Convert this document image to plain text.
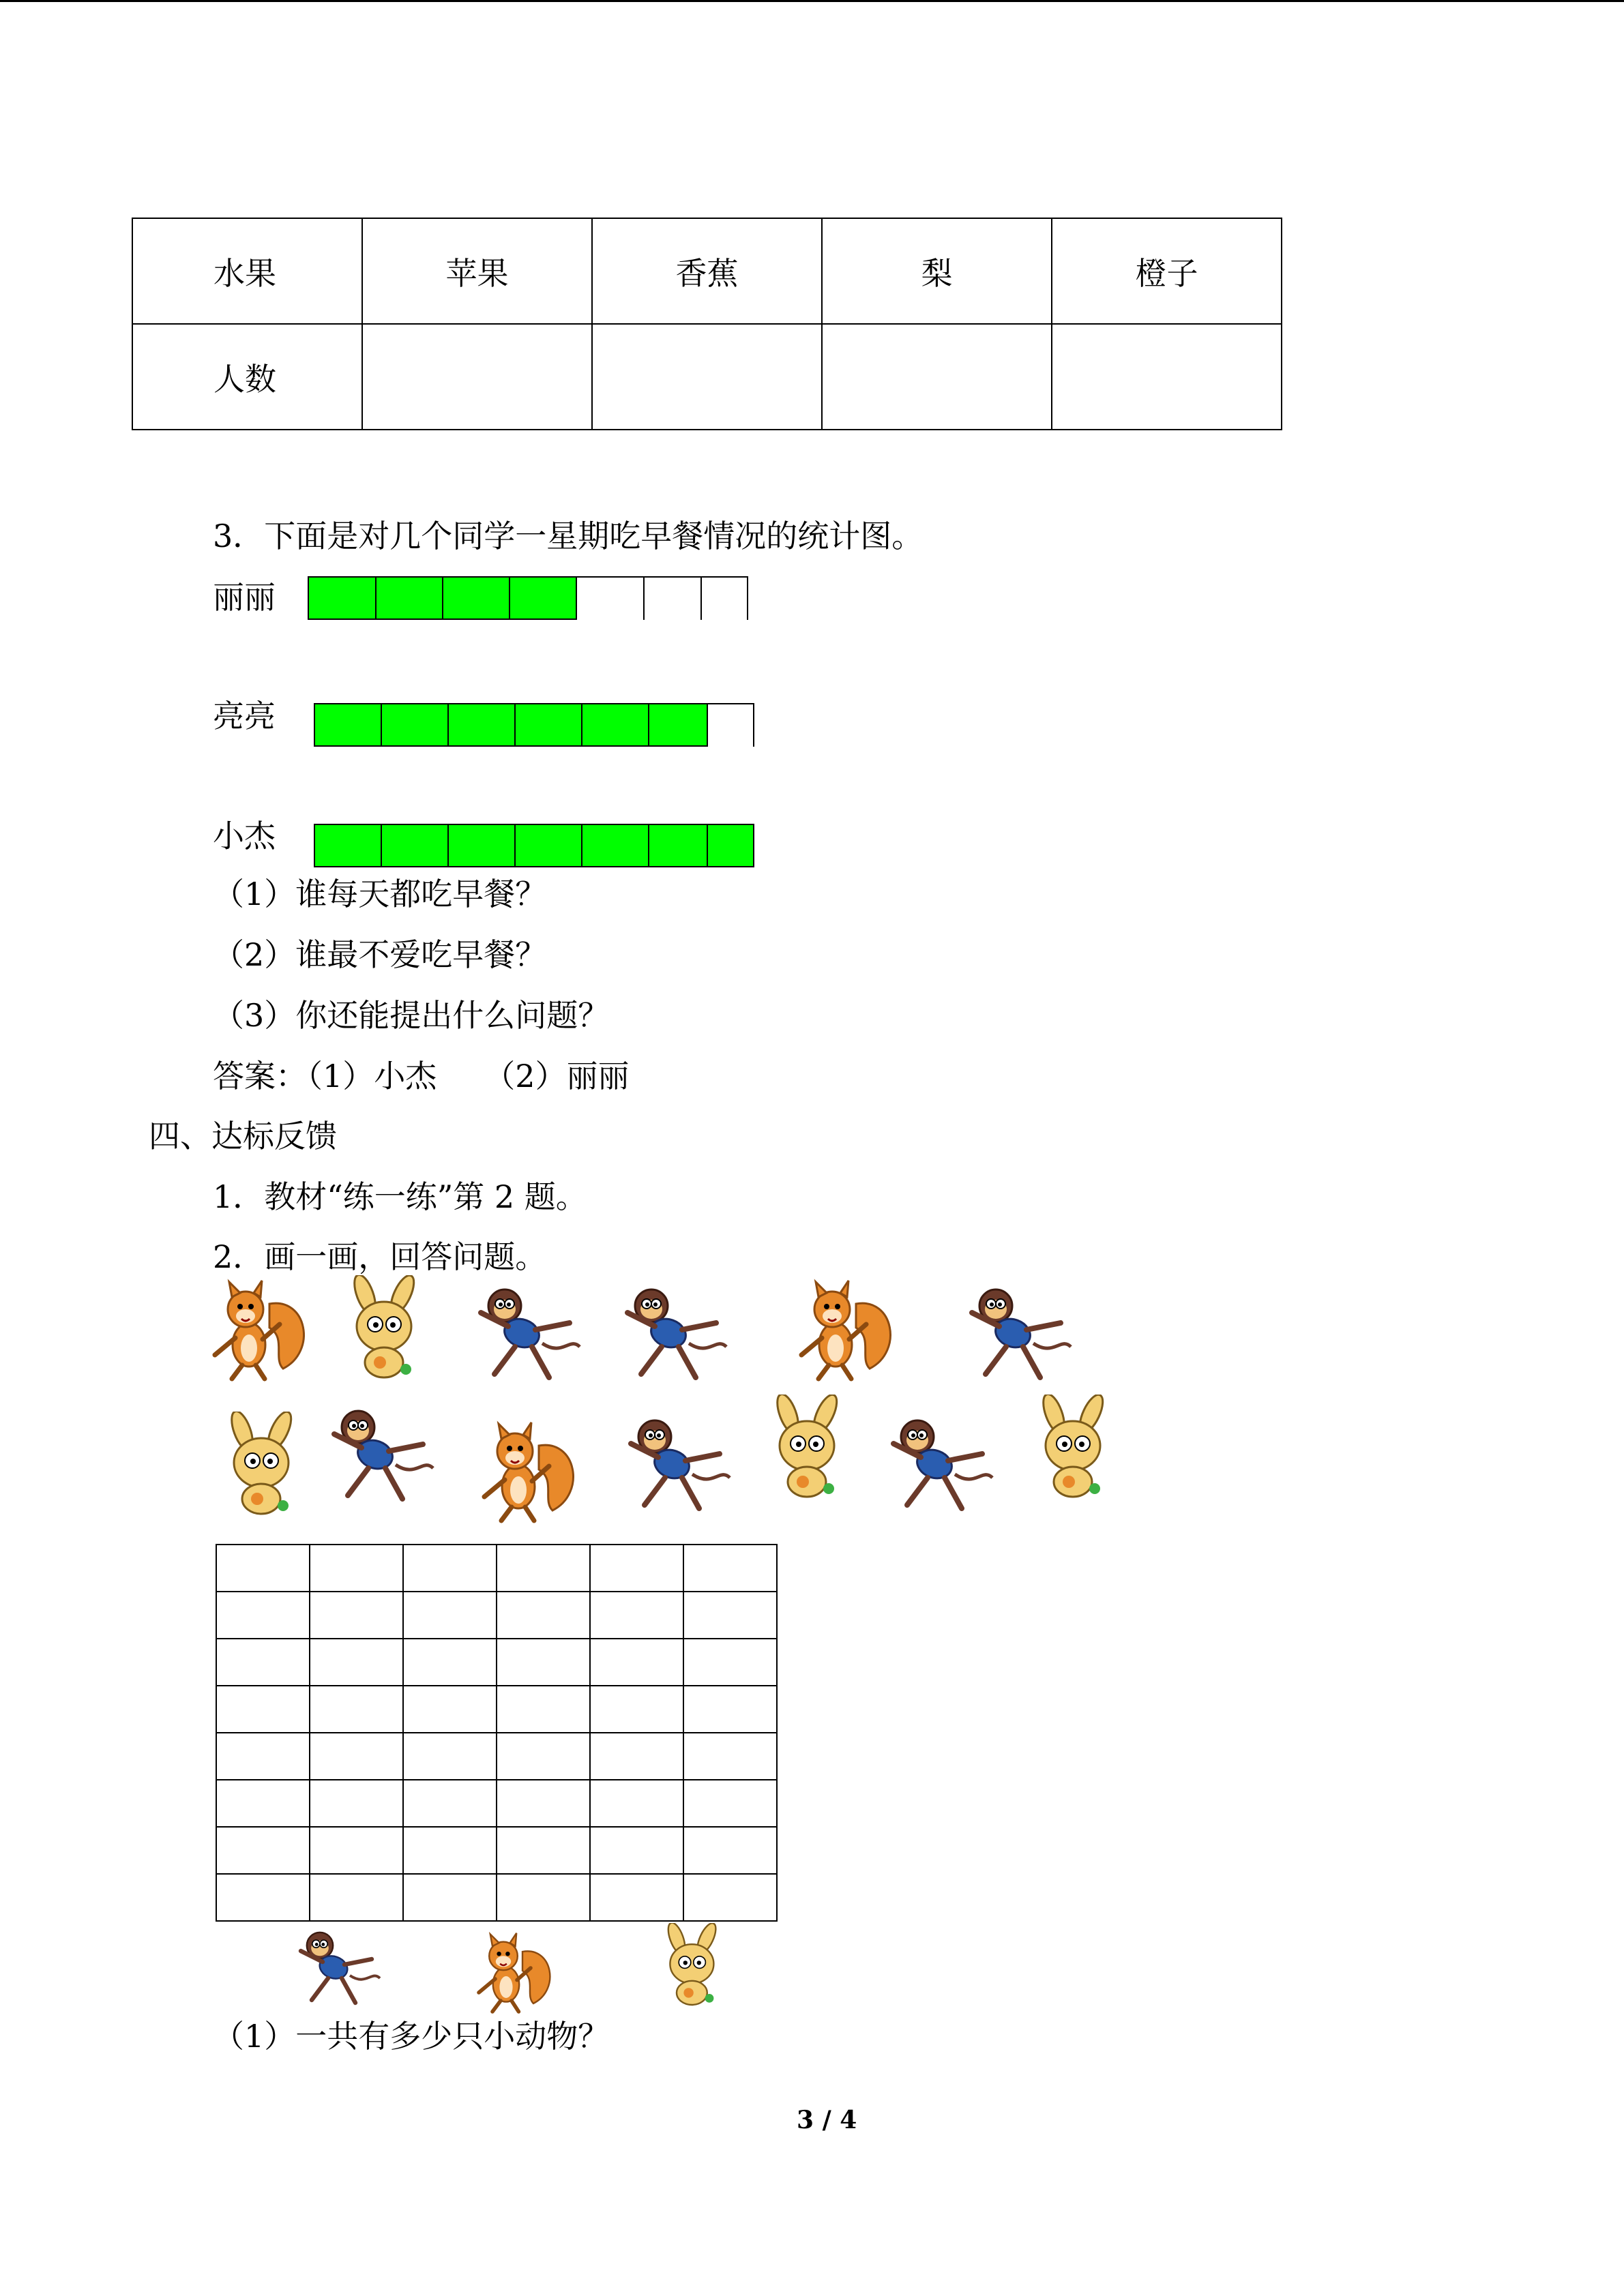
水果	苹果	香蕉	梨	橙子
人数				
3．下面是对几个同学一星期吃早餐情况的统计图。
丽丽
亮亮
小杰
（1）谁每天都吃早餐？
（2）谁最不爱吃早餐？
（3）你还能提出什么问题？
答案：（1）小杰　　（2）丽丽
四、达标反馈
1．教材“练一练”第 2 题。
2．画一画，回答问题。

（1）一共有多少只小动物？
3 / 4
